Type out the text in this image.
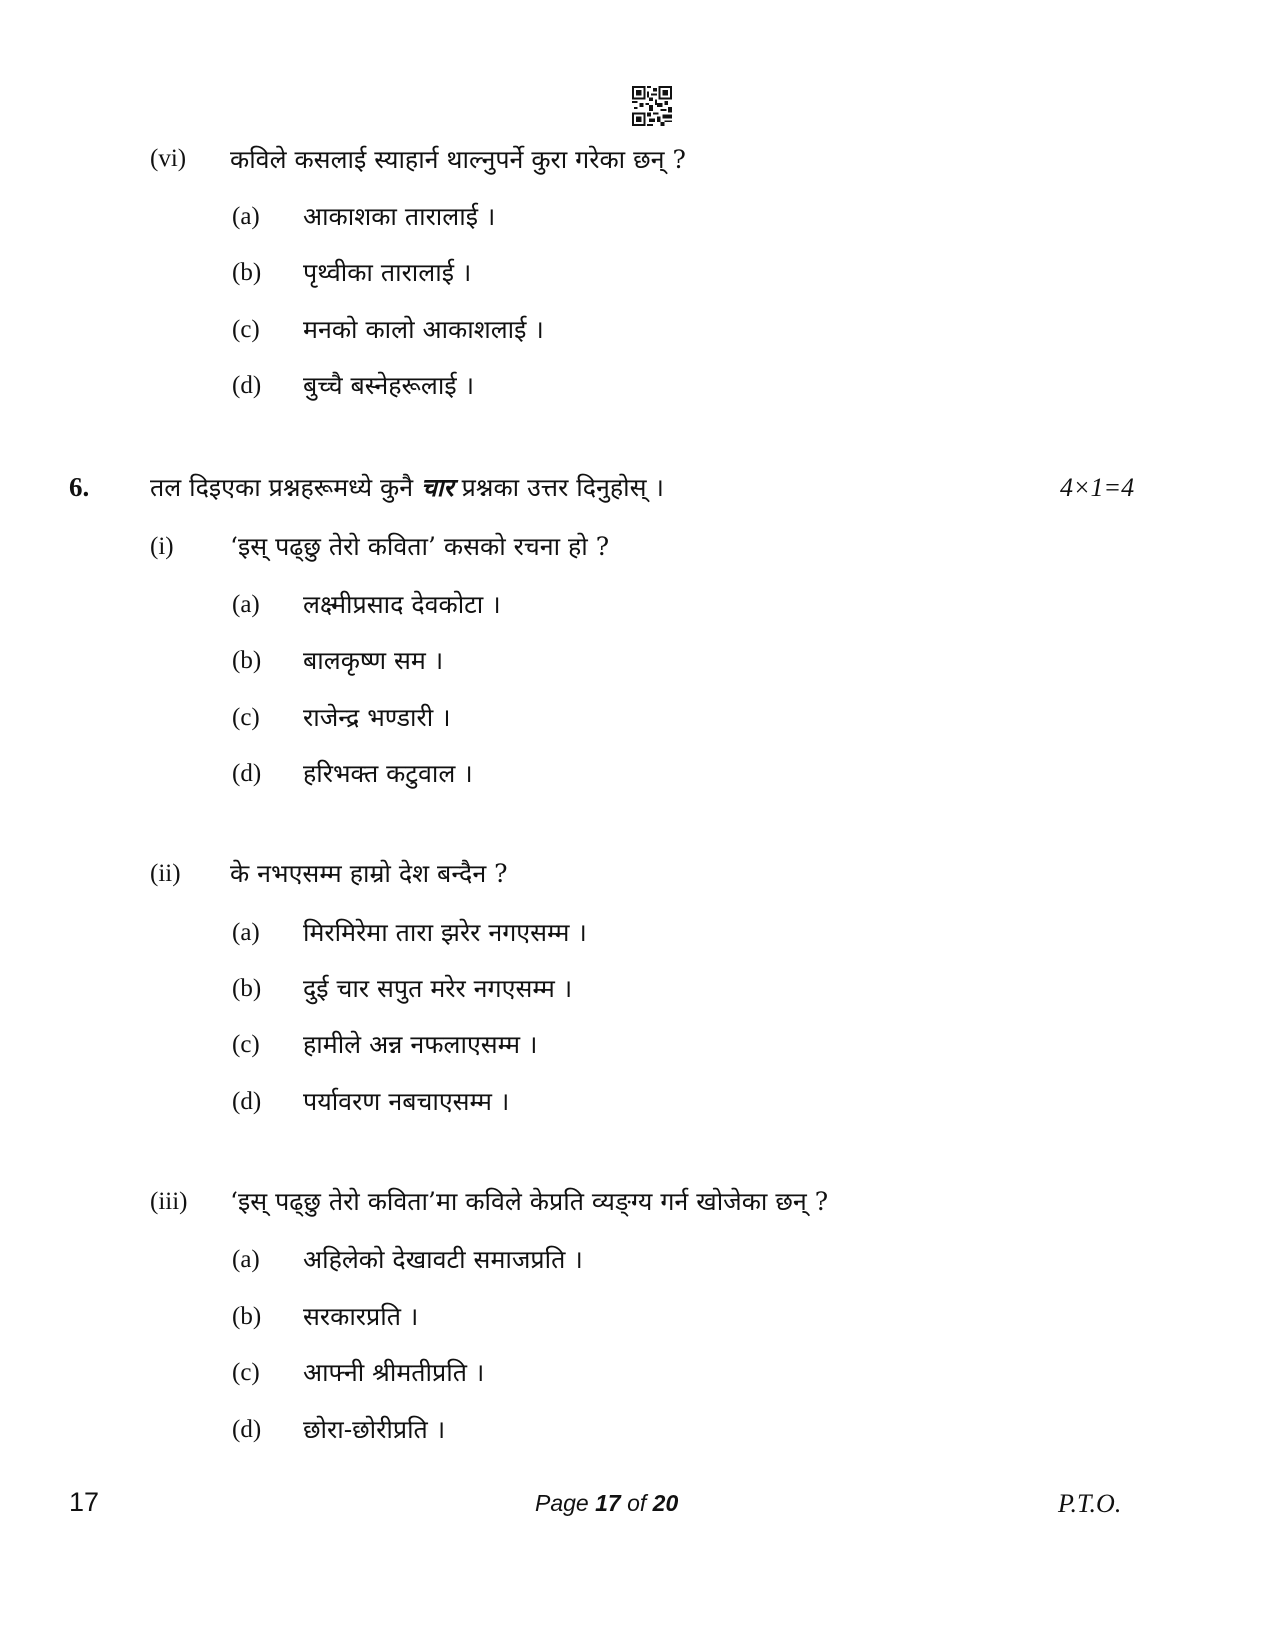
(vi) कविले कसलाई स्याहार्न थाल्नुपर्ने कुरा गरेका छन् ?
(a) आकाशका तारालाई ।
(b) पृथ्वीका तारालाई ।
(c) मनको कालो आकाशलाई ।
(d) बुच्चै बस्नेहरूलाई ।
6. तल दिइएका प्रश्नहरूमध्ये कुनै चार प्रश्नका उत्तर दिनुहोस् ।	4×1=4
(i) ‘इस् पढ्छु तेरो कविता’ कसको रचना हो ?
(a) लक्ष्मीप्रसाद देवकोटा ।
(b) बालकृष्ण सम ।
(c) राजेन्द्र भण्डारी ।
(d) हरिभक्त कटुवाल ।
(ii) के नभएसम्म हाम्रो देश बन्दैन ?
(a) मिरमिरेमा तारा झरेर नगएसम्म ।
(b) दुई चार सपुत मरेर नगएसम्म ।
(c) हामीले अन्न नफलाएसम्म ।
(d) पर्यावरण नबचाएसम्म ।
(iii) ‘इस् पढ्छु तेरो कविता’मा कविले केप्रति व्यङ्ग्य गर्न खोजेका छन् ?
(a) अहिलेको देखावटी समाजप्रति ।
(b) सरकारप्रति ।
(c) आफ्नी श्रीमतीप्रति ।
(d) छोरा-छोरीप्रति ।
17	Page 17 of 20	P.T.O.
